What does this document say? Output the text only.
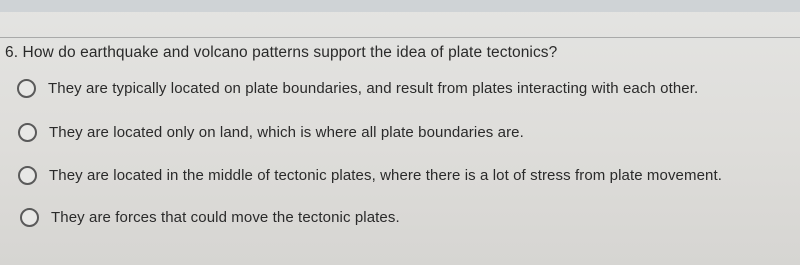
6. How do earthquake and volcano patterns support the idea of plate tectonics?
They are typically located on plate boundaries, and result from plates interacting with each other.
They are located only on land, which is where all plate boundaries are.
They are located in the middle of tectonic plates, where there is a lot of stress from plate movement.
They are forces that could move the tectonic plates.
